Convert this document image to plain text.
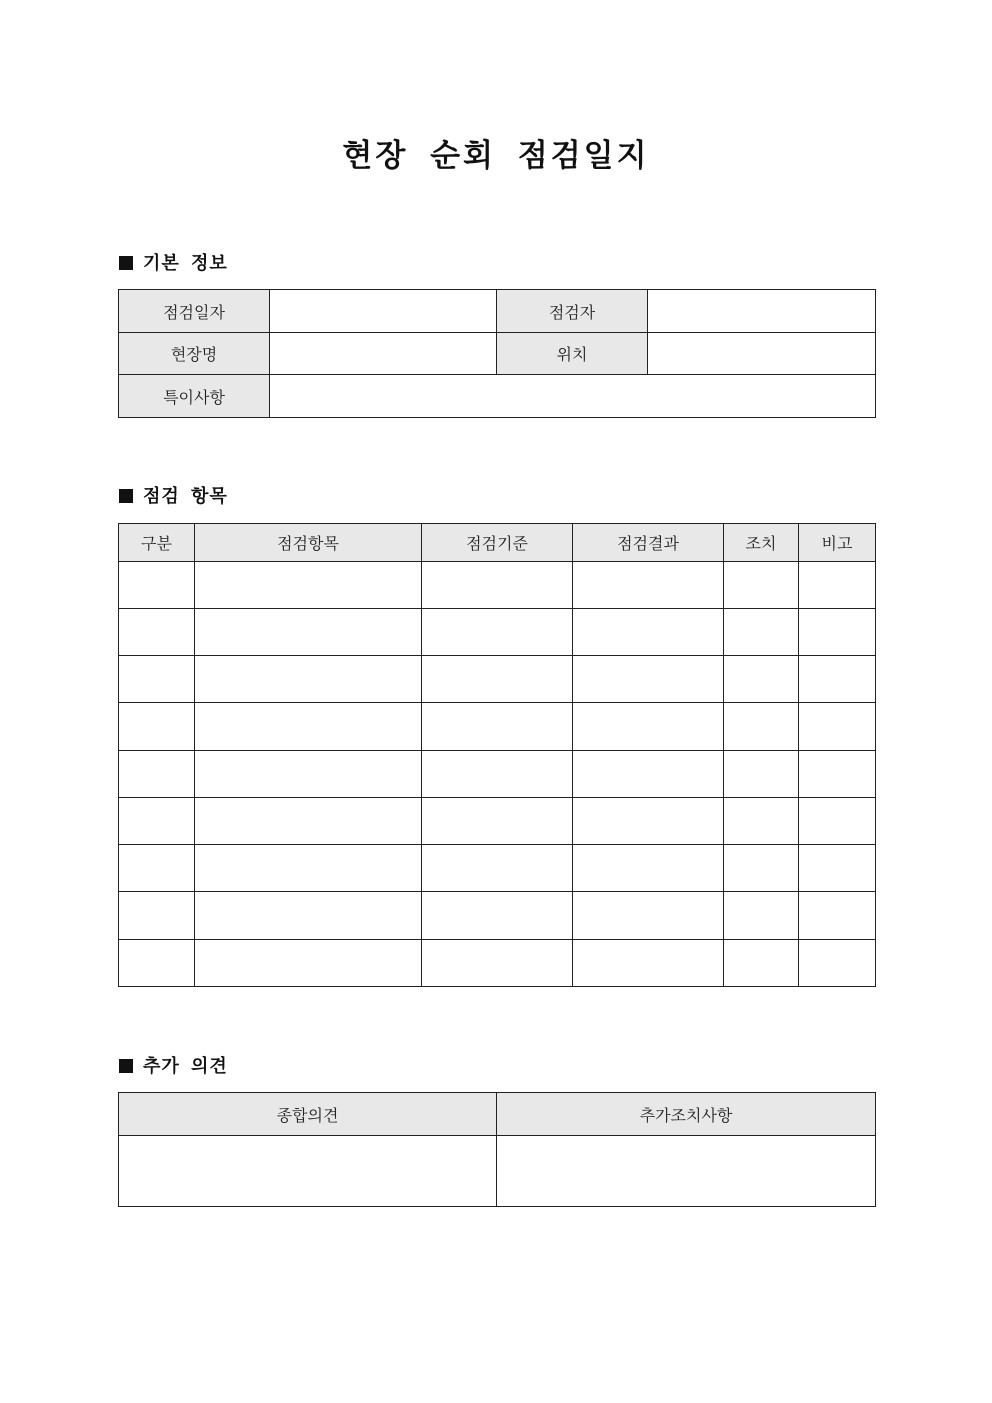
현장 순회 점검일지
기본 정보
점검일자		점검자	
현장명		위치	
특이사항			
점검 항목
구분	점검항목	점검기준	점검결과	조치	비고

추가 의견
종합의견	추가조치사항
